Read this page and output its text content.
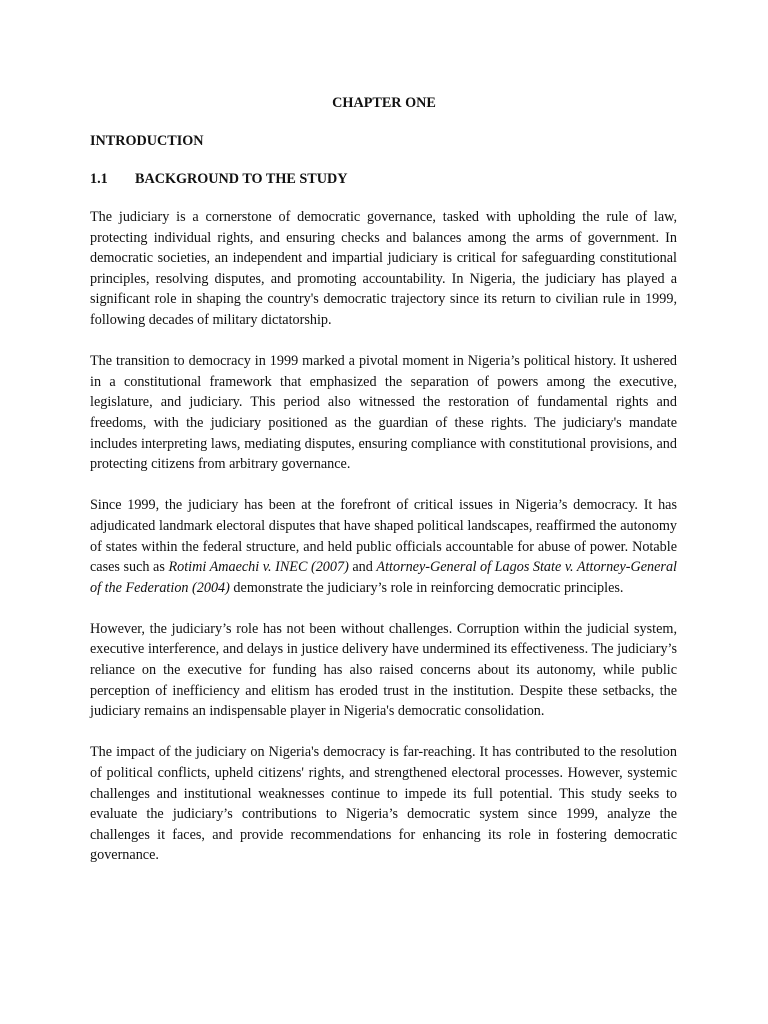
CHAPTER ONE
INTRODUCTION
1.1 BACKGROUND TO THE STUDY

The judiciary is a cornerstone of democratic governance, tasked with upholding the rule of law, protecting individual rights, and ensuring checks and balances among the arms of government. In democratic societies, an independent and impartial judiciary is critical for safeguarding constitutional principles, resolving disputes, and promoting accountability. In Nigeria, the judiciary has played a significant role in shaping the country's democratic trajectory since its return to civilian rule in 1999, following decades of military dictatorship.

The transition to democracy in 1999 marked a pivotal moment in Nigeria’s political history. It ushered in a constitutional framework that emphasized the separation of powers among the executive, legislature, and judiciary. This period also witnessed the restoration of fundamental rights and freedoms, with the judiciary positioned as the guardian of these rights. The judiciary's mandate includes interpreting laws, mediating disputes, ensuring compliance with constitutional provisions, and protecting citizens from arbitrary governance.

Since 1999, the judiciary has been at the forefront of critical issues in Nigeria’s democracy. It has adjudicated landmark electoral disputes that have shaped political landscapes, reaffirmed the autonomy of states within the federal structure, and held public officials accountable for abuse of power. Notable cases such as Rotimi Amaechi v. INEC (2007) and Attorney-General of Lagos State v. Attorney-General of the Federation (2004) demonstrate the judiciary’s role in reinforcing democratic principles.

However, the judiciary’s role has not been without challenges. Corruption within the judicial system, executive interference, and delays in justice delivery have undermined its effectiveness. The judiciary’s reliance on the executive for funding has also raised concerns about its autonomy, while public perception of inefficiency and elitism has eroded trust in the institution. Despite these setbacks, the judiciary remains an indispensable player in Nigeria's democratic consolidation.

The impact of the judiciary on Nigeria's democracy is far-reaching. It has contributed to the resolution of political conflicts, upheld citizens' rights, and strengthened electoral processes. However, systemic challenges and institutional weaknesses continue to impede its full potential. This study seeks to evaluate the judiciary’s contributions to Nigeria’s democratic system since 1999, analyze the challenges it faces, and provide recommendations for enhancing its role in fostering democratic governance.
